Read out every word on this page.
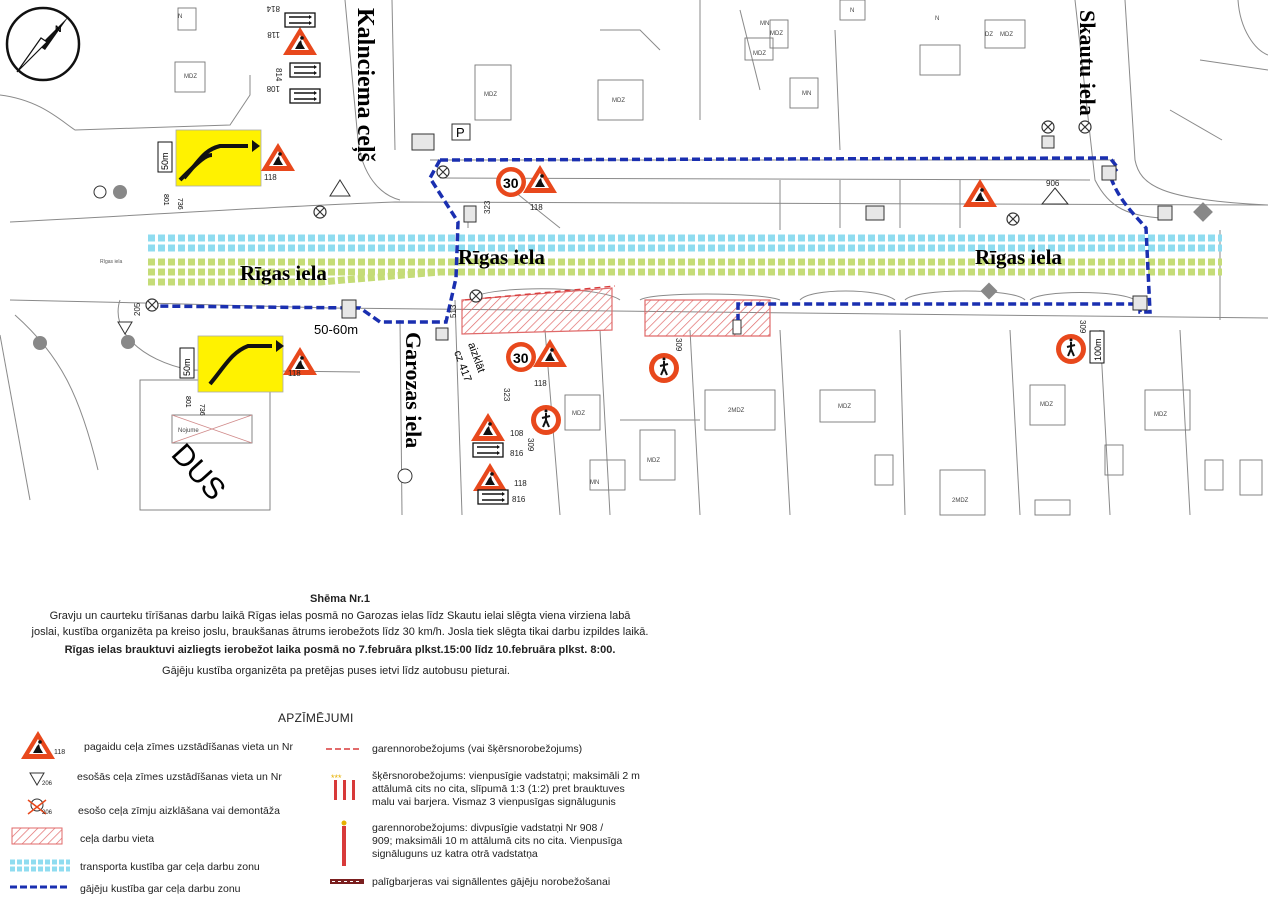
MDZ
N
MDZ
MDZ
MDZ
MN
MDZ
MN
MDZ
DZ
N
N
MDZ
MDZ
2MDZ
MDZ	MDZ
MDZ
MN
2MDZ
Nojume
N
50m
801 736
50m
801
736
30
30	100m
P
118
118
118
814
814
108
118
118
108
816
118
816
323
323
309
309
309
906
205	513
Kalnciema ceļš	Skautu iela
Garozas iela
Rīgas iela
Rīgas iela	Rīgas iela
Rīgas iela
50-60m
aizklāt
cz 417
DUS
***
Shēma Nr.1
Gravju un caurteku tīrīšanas darbu laikā Rīgas ielas posmā no Garozas ielas līdz Skautu ielai slēgta viena virziena labā
joslai, kustība organizēta pa kreiso joslu, braukšanas ātrums ierobežots līdz 30 km/h. Josla tiek slēgta tikai darbu izpildes laikā.
Rīgas ielas brauktuvi aizliegts ierobežot laika posmā no 7.februāra plkst.15:00 līdz 10.februāra plkst. 8:00.
Gājēju kustība organizēta pa pretējas puses ietvi līdz autobusu pieturai.
APZĪMĒJUMI
118 pagaidu ceļa zīmes uzstādīšanas vieta un Nr
206
esošās ceļa zīmes uzstādīšanas vieta un Nr
206 esošo ceļa zīmju aizklāšana vai demontāža
ceļa darbu vieta
transporta kustība gar ceļa darbu zonu
gājēju kustība gar ceļa darbu zonu
garennorobežojums (vai šķērsnorobežojums)
šķērsnorobežojums: vienpusīgie vadstatņi; maksimāli 2 m
attālumā cits no cita, slīpumā 1:3 (1:2) pret brauktuves
malu vai barjera. Vismaz 3 vienpusīgas signālugunis
garennorobežojums: divpusīgie vadstatņi Nr 908 /
909; maksimāli 10 m attālumā cits no cita. Vienpusīga
signāluguns uz katra otrā vadstatņa
palīgbarjeras vai signāllentes gājēju norobežošanai
